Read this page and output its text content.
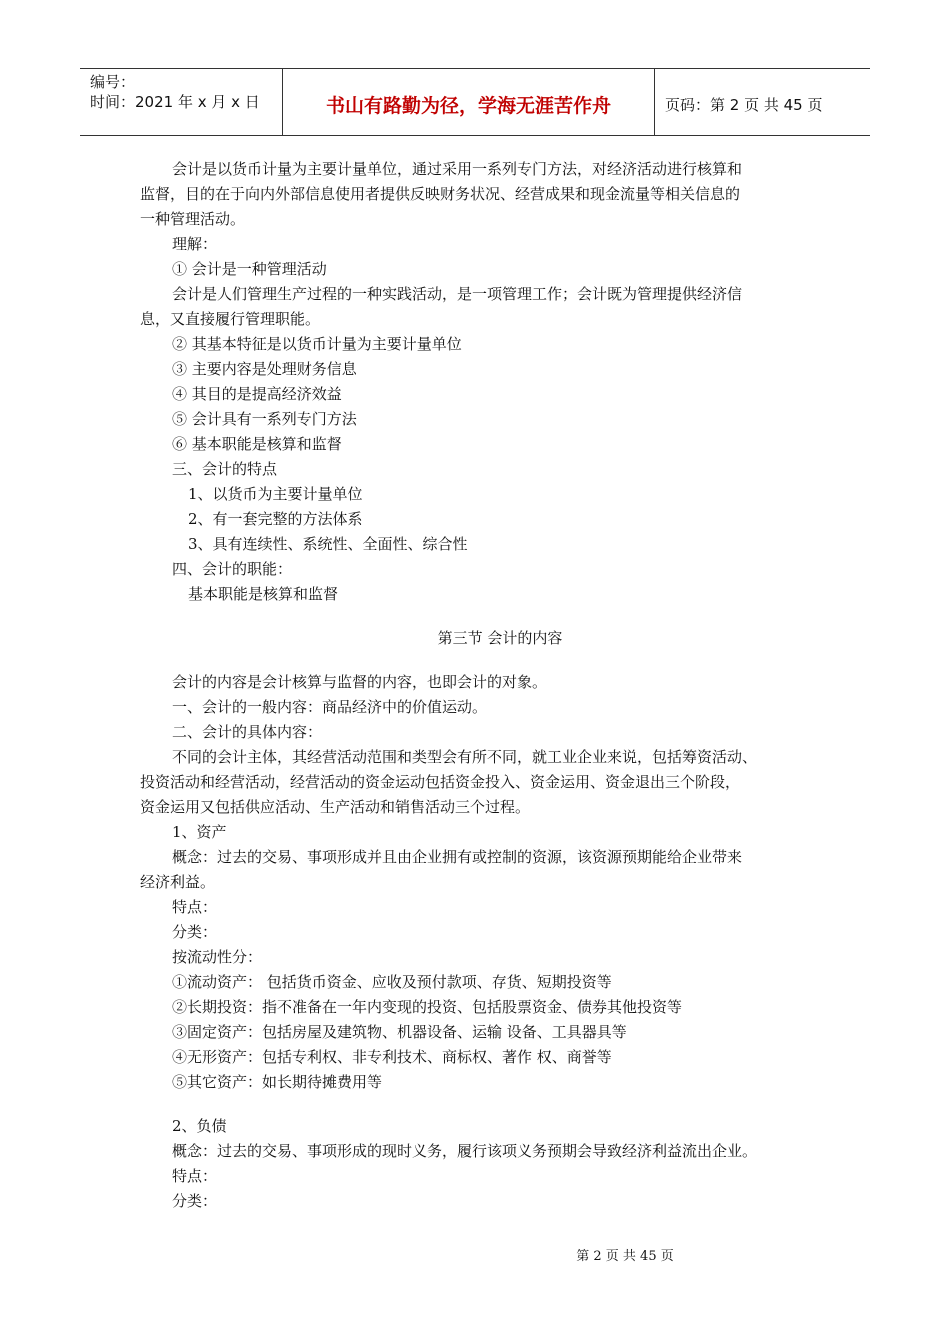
编号：
时间：2021 年 x 月 x 日	书山有路勤为径，学海无涯苦作舟	页码：第 2 页 共 45 页
会计是以货币计量为主要计量单位，通过采用一系列专门方法，对经济活动进行核算和
监督，目的在于向内外部信息使用者提供反映财务状况、经营成果和现金流量等相关信息的
一种管理活动。
理解：
① 会计是一种管理活动
会计是人们管理生产过程的一种实践活动，是一项管理工作；会计既为管理提供经济信
息，又直接履行管理职能。
② 其基本特征是以货币计量为主要计量单位
③ 主要内容是处理财务信息
④ 其目的是提高经济效益
⑤ 会计具有一系列专门方法
⑥ 基本职能是核算和监督
三、会计的特点
1、以货币为主要计量单位
2、有一套完整的方法体系
3、具有连续性、系统性、全面性、综合性
四、会计的职能：
基本职能是核算和监督
第三节 会计的内容
会计的内容是会计核算与监督的内容，也即会计的对象。
一、会计的一般内容：商品经济中的价值运动。
二、会计的具体内容：
不同的会计主体，其经营活动范围和类型会有所不同，就工业企业来说，包括筹资活动、
投资活动和经营活动，经营活动的资金运动包括资金投入、资金运用、资金退出三个阶段，
资金运用又包括供应活动、生产活动和销售活动三个过程。
1、资产
概念：过去的交易、事项形成并且由企业拥有或控制的资源，该资源预期能给企业带来
经济利益。
特点：
分类：
按流动性分：
①流动资产： 包括货币资金、应收及预付款项、存货、短期投资等
②长期投资：指不准备在一年内变现的投资、包括股票资金、债券其他投资等
③固定资产：包括房屋及建筑物、机器设备、运输 设备、工具器具等
④无形资产：包括专利权、非专利技术、商标权、著作 权、商誉等
⑤其它资产：如长期待摊费用等
2、负债
概念：过去的交易、事项形成的现时义务，履行该项义务预期会导致经济利益流出企业。
特点：
分类：
第 2 页 共 45 页
